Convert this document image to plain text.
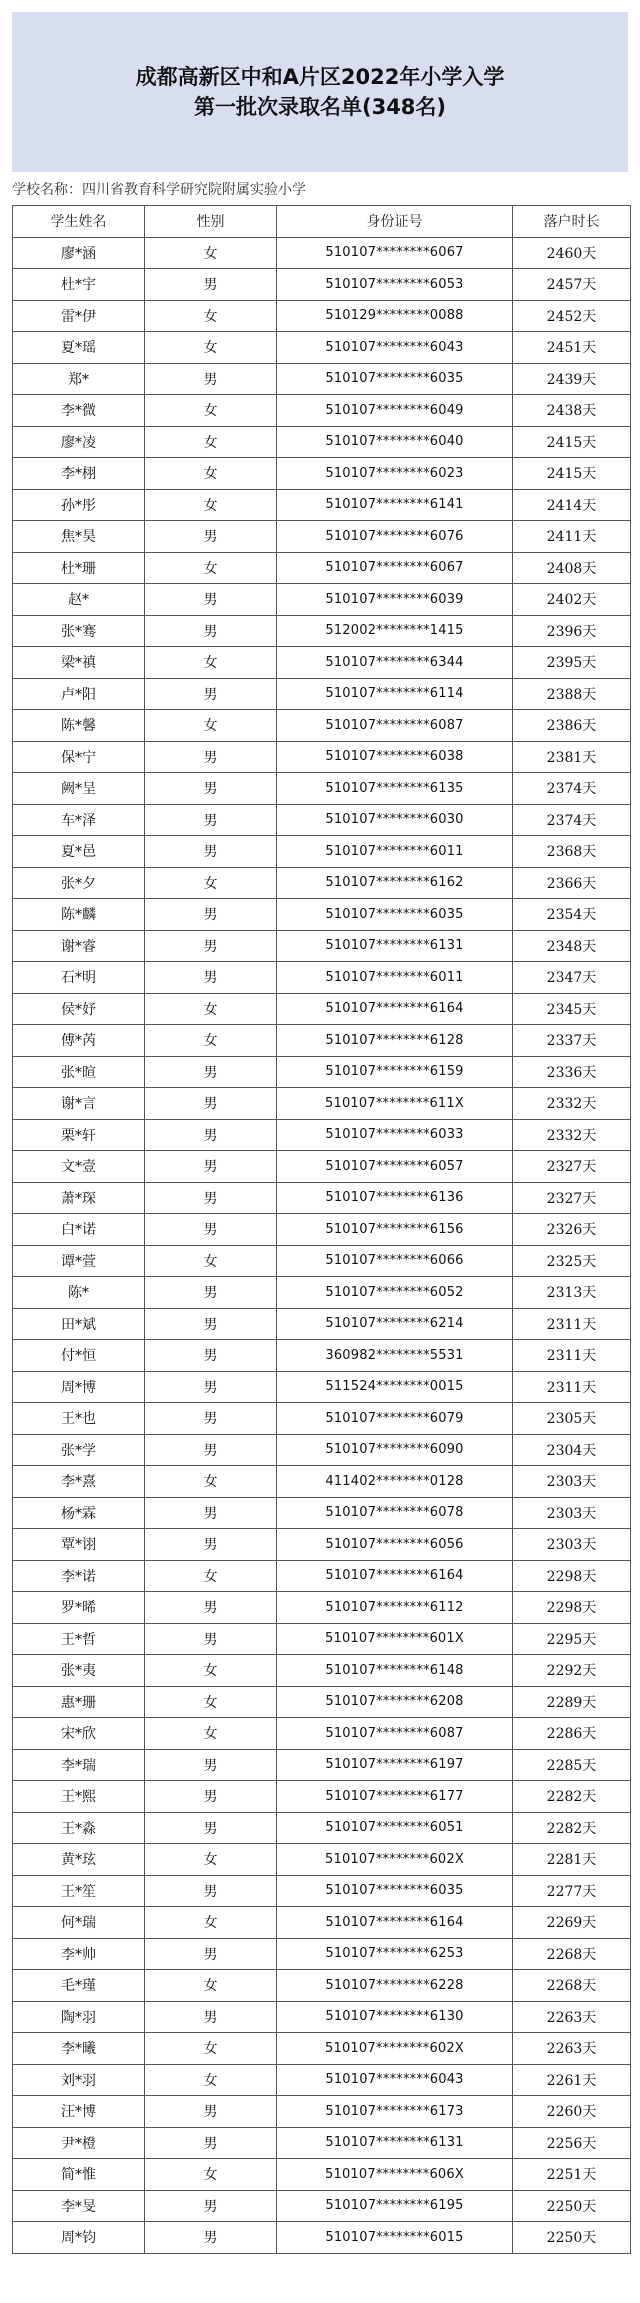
成都高新区中和A片区2022年小学入学
第一批次录取名单(348名)
学校名称：四川省教育科学研究院附属实验小学
学生姓名	性别	身份证号	落户时长
廖*涵	女	510107********6067	2460天
杜*宇	男	510107********6053	2457天
雷*伊	女	510129********0088	2452天
夏*瑶	女	510107********6043	2451天
郑*	男	510107********6035	2439天
李*微	女	510107********6049	2438天
廖*凌	女	510107********6040	2415天
李*栩	女	510107********6023	2415天
孙*彤	女	510107********6141	2414天
焦*昊	男	510107********6076	2411天
杜*珊	女	510107********6067	2408天
赵*	男	510107********6039	2402天
张*骞	男	512002********1415	2396天
梁*禛	女	510107********6344	2395天
卢*阳	男	510107********6114	2388天
陈*馨	女	510107********6087	2386天
保*宁	男	510107********6038	2381天
阙*呈	男	510107********6135	2374天
车*泽	男	510107********6030	2374天
夏*邑	男	510107********6011	2368天
张*夕	女	510107********6162	2366天
陈*麟	男	510107********6035	2354天
谢*睿	男	510107********6131	2348天
石*明	男	510107********6011	2347天
侯*妤	女	510107********6164	2345天
傅*芮	女	510107********6128	2337天
张*暄	男	510107********6159	2336天
谢*言	男	510107********611X	2332天
栗*轩	男	510107********6033	2332天
文*壹	男	510107********6057	2327天
萧*琛	男	510107********6136	2327天
白*诺	男	510107********6156	2326天
谭*萱	女	510107********6066	2325天
陈*	男	510107********6052	2313天
田*斌	男	510107********6214	2311天
付*恒	男	360982********5531	2311天
周*博	男	511524********0015	2311天
王*也	男	510107********6079	2305天
张*学	男	510107********6090	2304天
李*熹	女	411402********0128	2303天
杨*霖	男	510107********6078	2303天
覃*诩	男	510107********6056	2303天
李*诺	女	510107********6164	2298天
罗*晞	男	510107********6112	2298天
王*哲	男	510107********601X	2295天
张*夷	女	510107********6148	2292天
惠*珊	女	510107********6208	2289天
宋*欣	女	510107********6087	2286天
李*瑞	男	510107********6197	2285天
王*熙	男	510107********6177	2282天
王*淼	男	510107********6051	2282天
黄*玹	女	510107********602X	2281天
王*笙	男	510107********6035	2277天
何*瑞	女	510107********6164	2269天
李*帅	男	510107********6253	2268天
毛*瑾	女	510107********6228	2268天
陶*羽	男	510107********6130	2263天
李*曦	女	510107********602X	2263天
刘*羽	女	510107********6043	2261天
汪*博	男	510107********6173	2260天
尹*橙	男	510107********6131	2256天
简*惟	女	510107********606X	2251天
李*旻	男	510107********6195	2250天
周*钧	男	510107********6015	2250天
